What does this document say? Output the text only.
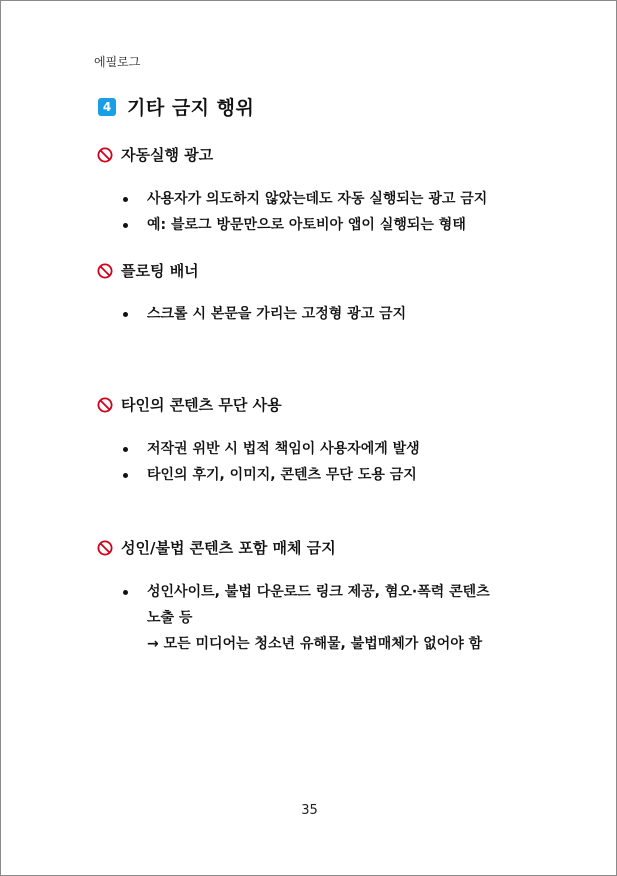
에필로그
4 기타 금지 행위
자동실행 광고
사용자가 의도하지 않았는데도 자동 실행되는 광고 금지
예: 블로그 방문만으로 아토비아 앱이 실행되는 형태
플로팅 배너
스크롤 시 본문을 가리는 고정형 광고 금지
타인의 콘텐츠 무단 사용
저작권 위반 시 법적 책임이 사용자에게 발생
타인의 후기, 이미지, 콘텐츠 무단 도용 금지
성인/불법 콘텐츠 포함 매체 금지
성인사이트, 불법 다운로드 링크 제공, 혐오·폭력 콘텐츠
노출 등
→ 모든 미디어는 청소년 유해물, 불법매체가 없어야 함
35
